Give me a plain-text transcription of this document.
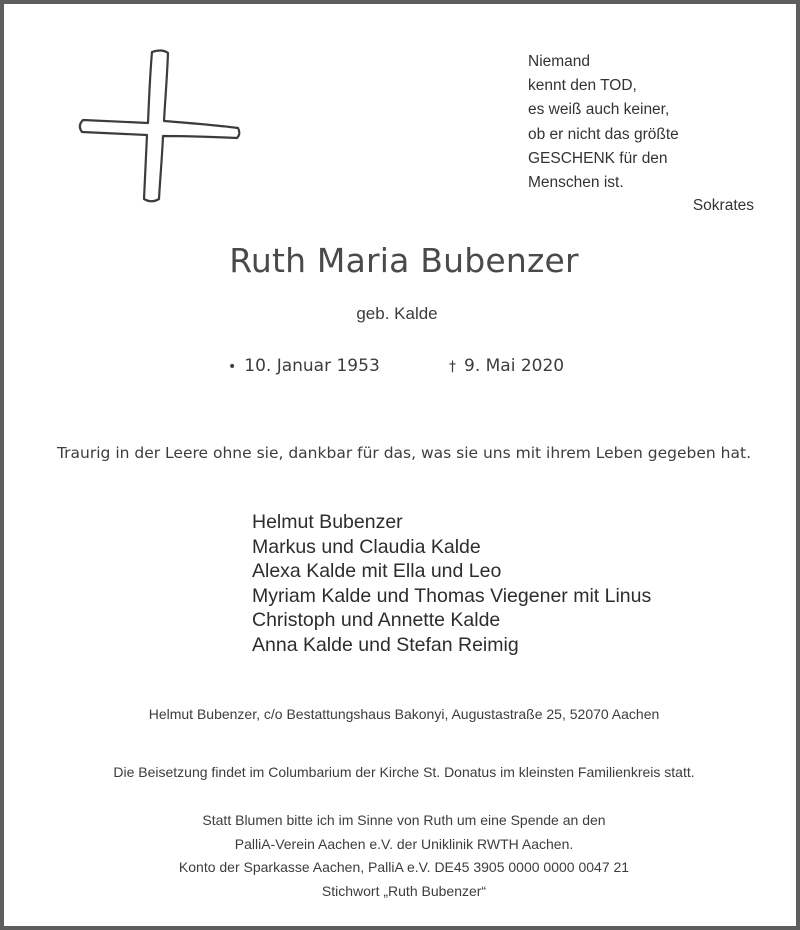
Niemand
kennt den TOD,
es weiß auch keiner,
ob er nicht das größte
GESCHENK für den
Menschen ist.
Sokrates
Ruth Maria Bubenzer
geb. Kalde
• 10. Januar 1953	† 9. Mai 2020
Traurig in der Leere ohne sie, dankbar für das, was sie uns mit ihrem Leben gegeben hat.
Helmut Bubenzer
Markus und Claudia Kalde
Alexa Kalde mit Ella und Leo
Myriam Kalde und Thomas Viegener mit Linus
Christoph und Annette Kalde
Anna Kalde und Stefan Reimig
Helmut Bubenzer, c/o Bestattungshaus Bakonyi, Augustastraße 25, 52070 Aachen
Die Beisetzung findet im Columbarium der Kirche St. Donatus im kleinsten Familienkreis statt.
Statt Blumen bitte ich im Sinne von Ruth um eine Spende an den
PalliA-Verein Aachen e.V. der Uniklinik RWTH Aachen.
Konto der Sparkasse Aachen, PalliA e.V. DE45 3905 0000 0000 0047 21
Stichwort „Ruth Bubenzer“
